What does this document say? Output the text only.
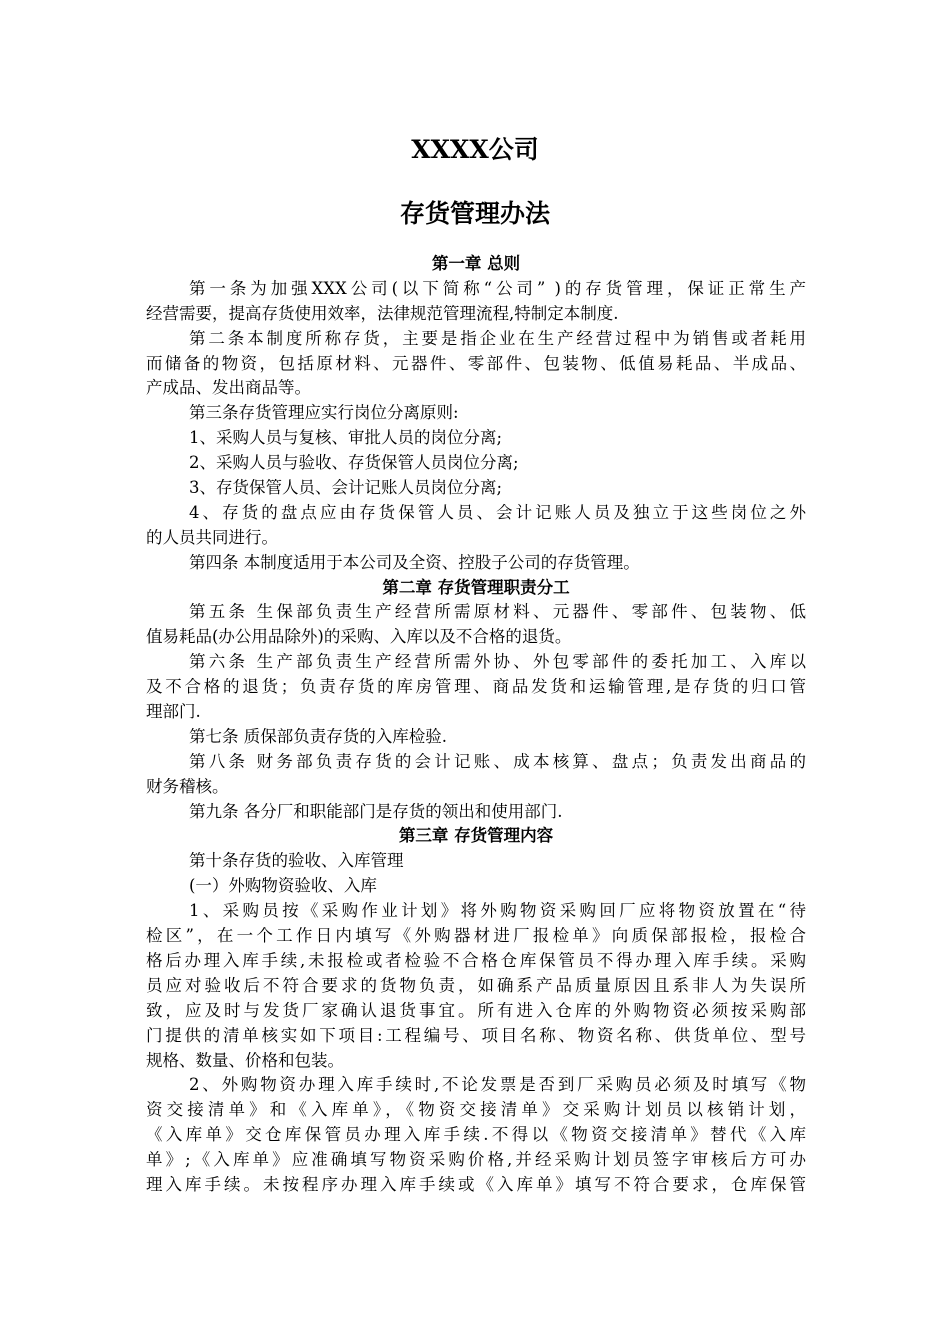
XXXX公司
存货管理办法
第一章 总则
第一条为加强XXX公司(以下简称“公司” )的存货管理，保证正常生产
经营需要，提高存货使用效率，法律规范管理流程,特制定本制度.
第二条本制度所称存货，主要是指企业在生产经营过程中为销售或者耗用
而储备的物资，包括原材料、元器件、零部件、包装物、低值易耗品、半成品、
产成品、发出商品等。
第三条存货管理应实行岗位分离原则:
1、采购人员与复核、审批人员的岗位分离;
2、采购人员与验收、存货保管人员岗位分离;
3、存货保管人员、会计记账人员岗位分离;
4、存货的盘点应由存货保管人员、会计记账人员及独立于这些岗位之外
的人员共同进行。
第四条 本制度适用于本公司及全资、控股子公司的存货管理。
第二章 存货管理职责分工
第五条 生保部负责生产经营所需原材料、元器件、零部件、包装物、低
值易耗品(办公用品除外)的采购、入库以及不合格的退货。
第六条 生产部负责生产经营所需外协、外包零部件的委托加工、入库以
及不合格的退货；负责存货的库房管理、商品发货和运输管理,是存货的归口管
理部门.
第七条 质保部负责存货的入库检验.
第八条 财务部负责存货的会计记账、成本核算、盘点；负责发出商品的
财务稽核。
第九条 各分厂和职能部门是存货的领出和使用部门.
第三章 存货管理内容
第十条存货的验收、入库管理
(一）外购物资验收、入库
1、采购员按《采购作业计划》将外购物资采购回厂应将物资放置在“待
检区”，在一个工作日内填写《外购器材进厂报检单》向质保部报检，报检合
格后办理入库手续,未报检或者检验不合格仓库保管员不得办理入库手续。采购
员应对验收后不符合要求的货物负责，如确系产品质量原因且系非人为失误所
致，应及时与发货厂家确认退货事宜。所有进入仓库的外购物资必须按采购部
门提供的清单核实如下项目:工程编号、项目名称、物资名称、供货单位、型号
规格、数量、价格和包装。
2、外购物资办理入库手续时,不论发票是否到厂采购员必须及时填写《物
资交接清单》和《入库单》，《物资交接清单》交采购计划员以核销计划，
《入库单》交仓库保管员办理入库手续.不得以《物资交接清单》替代《入库
单》;《入库单》应准确填写物资采购价格,并经采购计划员签字审核后方可办
理入库手续。未按程序办理入库手续或《入库单》填写不符合要求，仓库保管
